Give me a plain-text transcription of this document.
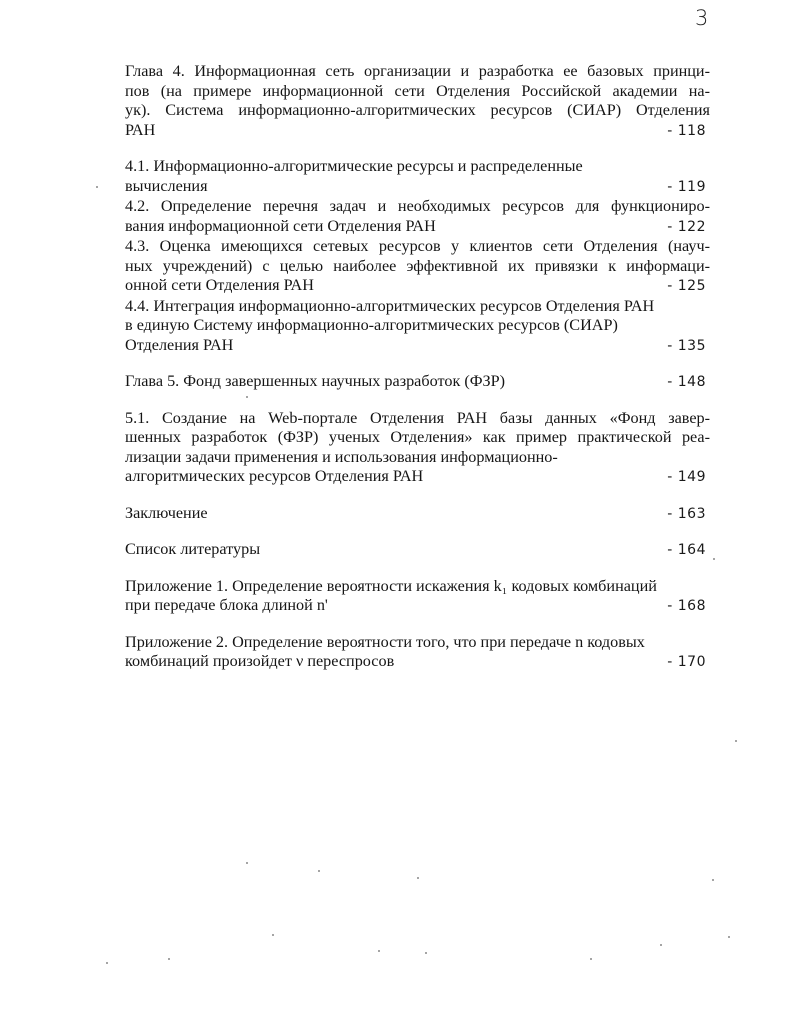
3
Глава 4. Информационная сеть организации и разработка ее базовых принци-
пов (на примере информационной сети Отделения Российской академии на-
ук). Система информационно-алгоритмических ресурсов (СИАР) Отделения
РАН	- 118
4.1. Информационно-алгоритмические ресурсы и распределенные
вычисления	- 119
4.2. Определение перечня задач и необходимых ресурсов для функциониро-
вания информационной сети Отделения РАН	- 122
4.3. Оценка имеющихся сетевых ресурсов у клиентов сети Отделения (науч-
ных учреждений) с целью наиболее эффективной их привязки к информаци-
онной сети Отделения РАН	- 125
4.4. Интеграция информационно-алгоритмических ресурсов Отделения РАН
в единую Систему информационно-алгоритмических ресурсов (СИАР)
Отделения РАН	- 135
Глава 5. Фонд завершенных научных разработок (ФЗР)	- 148
5.1. Создание на Web-портале Отделения РАН базы данных «Фонд завер-
шенных разработок (ФЗР) ученых Отделения» как пример практической реа-
лизации задачи применения и использования информационно-
алгоритмических ресурсов Отделения РАН	- 149
Заключение	- 163
Список литературы	- 164
Приложение 1. Определение вероятности искажения k₁ кодовых комбинаций
при передаче блока длиной n'	- 168
Приложение 2. Определение вероятности того, что при передаче n кодовых
комбинаций произойдет ν переспросов	- 170
